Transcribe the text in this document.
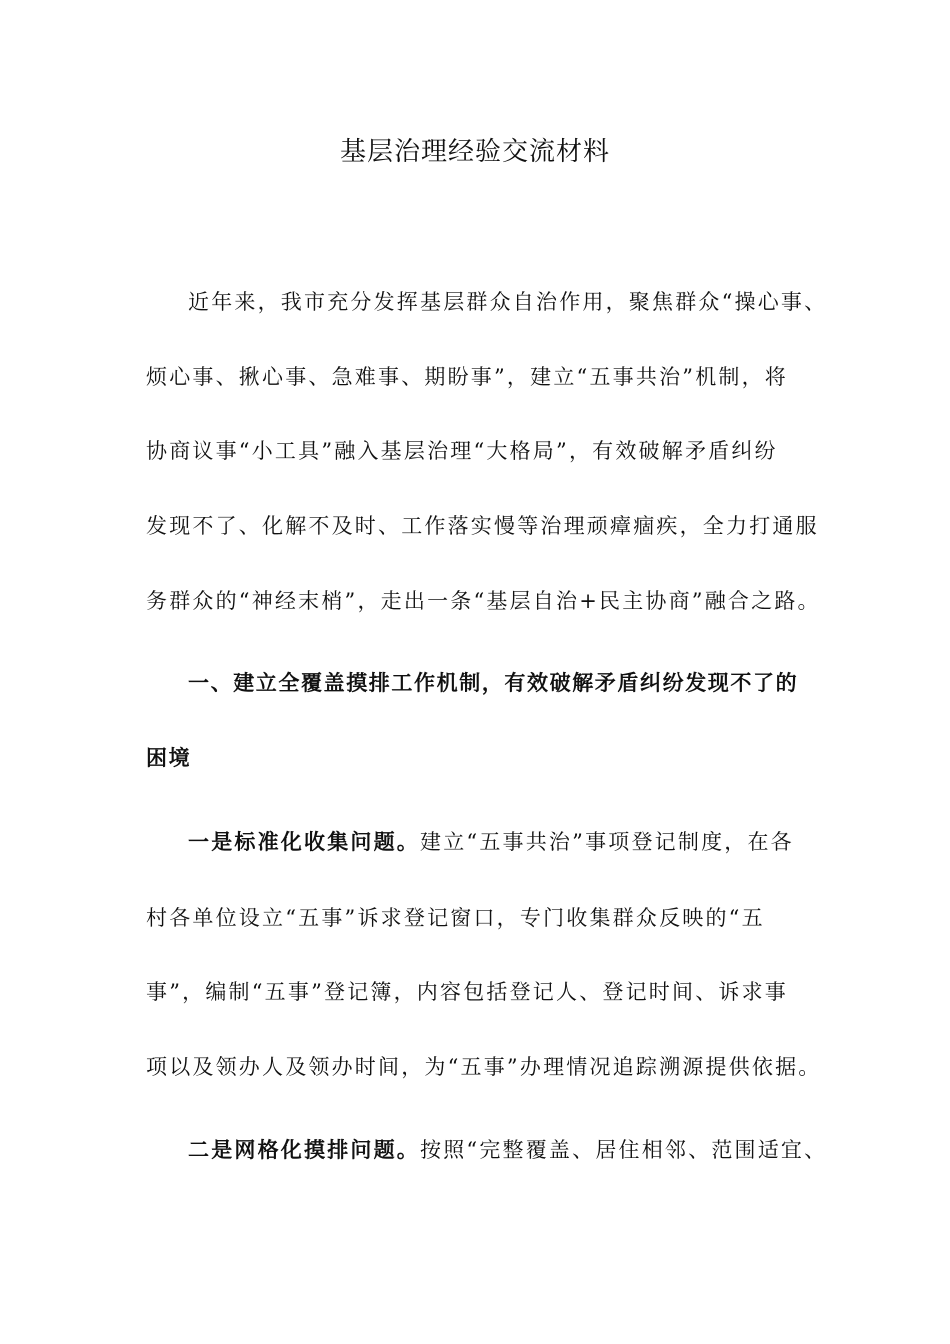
基层治理经验交流材料
近年来，我市充分发挥基层群众自治作用，聚焦群众“操心事、
烦心事、揪心事、急难事、期盼事”，建立“五事共治”机制，将
协商议事“小工具”融入基层治理“大格局”，有效破解矛盾纠纷
发现不了、化解不及时、工作落实慢等治理顽瘴痼疾，全力打通服
务群众的“神经末梢”，走出一条“基层自治+民主协商”融合之路。
一、建立全覆盖摸排工作机制，有效破解矛盾纠纷发现不了的
困境
一是标准化收集问题。建立“五事共治”事项登记制度，在各
村各单位设立“五事”诉求登记窗口，专门收集群众反映的“五
事”，编制“五事”登记簿，内容包括登记人、登记时间、诉求事
项以及领办人及领办时间，为“五事”办理情况追踪溯源提供依据。
二是网格化摸排问题。按照“完整覆盖、居住相邻、范围适宜、
